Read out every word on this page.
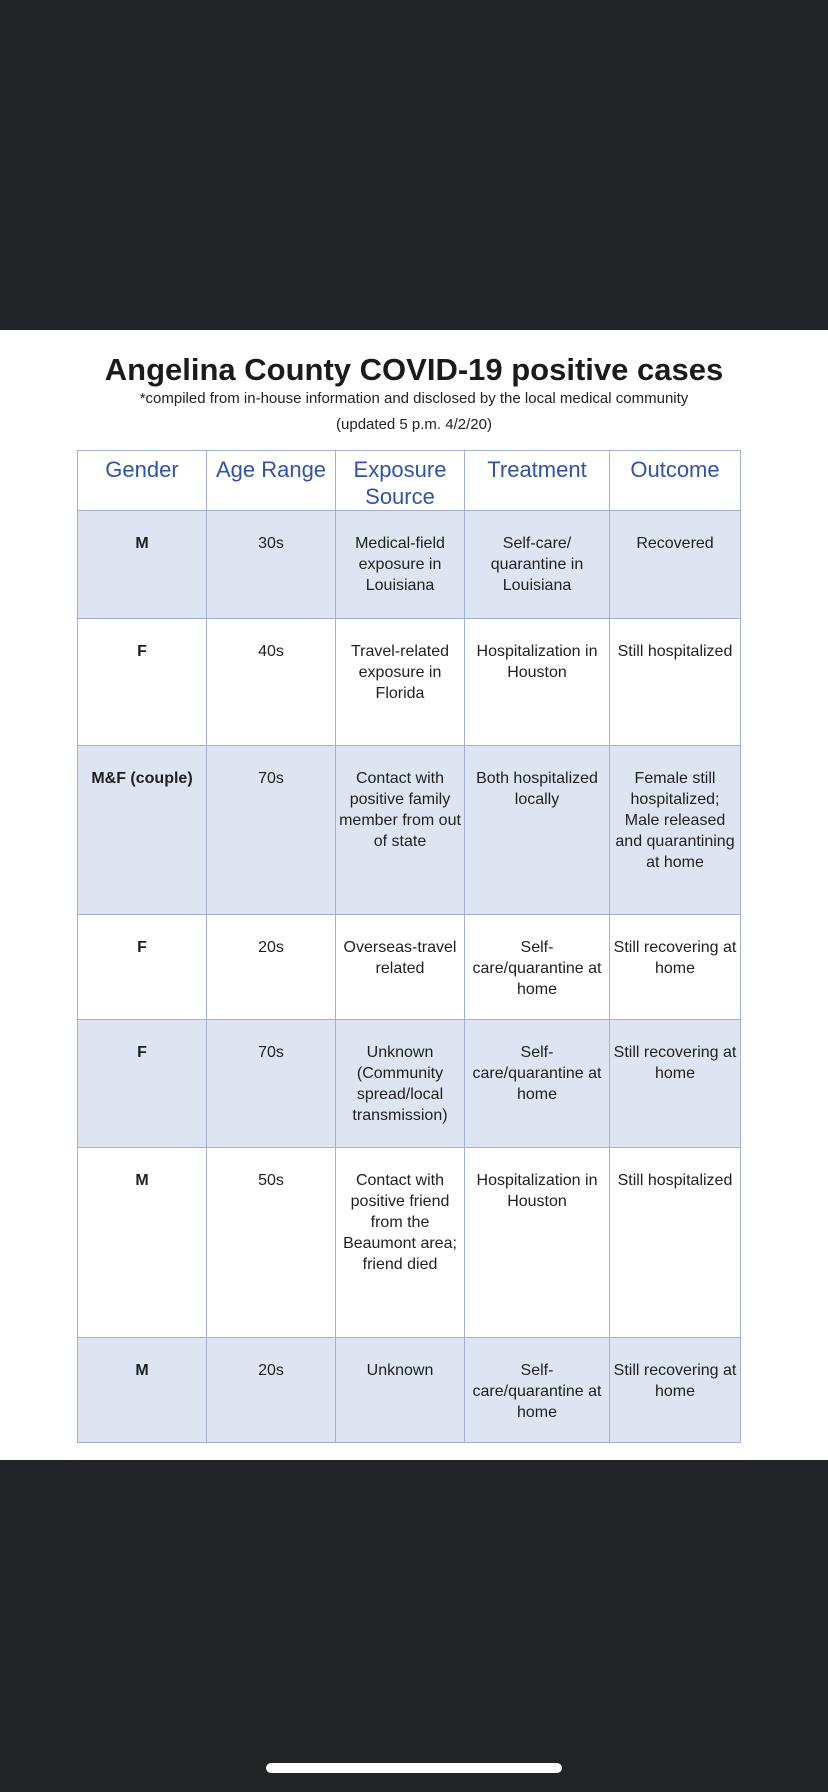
Angelina County COVID-19 positive cases
*compiled from in-house information and disclosed by the local medical community
(updated 5 p.m. 4/2/20)
Gender	Age Range	Exposure Source	Treatment	Outcome
M	30s	Medical-field exposure in Louisiana	Self-care/ quarantine in Louisiana	Recovered
F	40s	Travel-related exposure in Florida	Hospitalization in Houston	Still hospitalized
M&F (couple)	70s	Contact with positive family member from out of state	Both hospitalized locally	Female still hospitalized; Male released and quarantining at home
F	20s	Overseas-travel related	Self-care/quarantine at home	Still recovering at home
F	70s	Unknown (Community spread/local transmission)	Self-care/quarantine at home	Still recovering at home
M	50s	Contact with positive friend from the Beaumont area; friend died	Hospitalization in Houston	Still hospitalized
M	20s	Unknown	Self-care/quarantine at home	Still recovering at home
